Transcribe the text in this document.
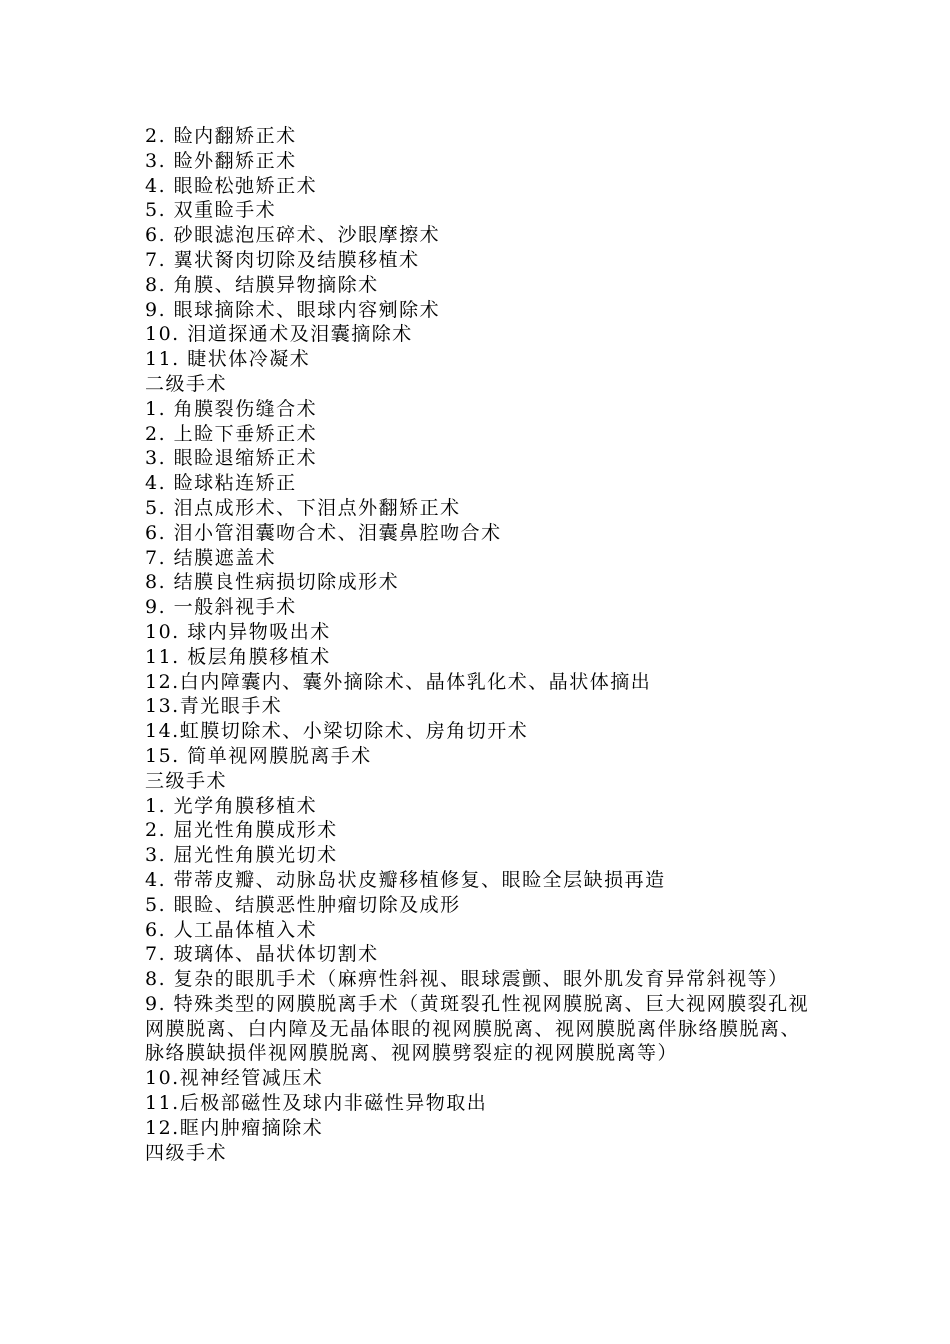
2. 睑内翻矫正术
3. 睑外翻矫正术
4. 眼睑松弛矫正术
5. 双重睑手术
6. 砂眼滤泡压碎术、沙眼摩擦术
7. 翼状胬肉切除及结膜移植术
8. 角膜、结膜异物摘除术
9. 眼球摘除术、眼球内容剜除术
10. 泪道探通术及泪囊摘除术
11. 睫状体冷凝术
二级手术
1. 角膜裂伤缝合术
2. 上睑下垂矫正术
3. 眼睑退缩矫正术
4. 睑球粘连矫正
5. 泪点成形术、下泪点外翻矫正术
6. 泪小管泪囊吻合术、泪囊鼻腔吻合术
7. 结膜遮盖术
8. 结膜良性病损切除成形术
9. 一般斜视手术
10. 球内异物吸出术
11. 板层角膜移植术
12.白内障囊内、囊外摘除术、晶体乳化术、晶状体摘出
13.青光眼手术
14.虹膜切除术、小梁切除术、房角切开术
15. 简单视网膜脱离手术
三级手术
1. 光学角膜移植术
2. 屈光性角膜成形术
3. 屈光性角膜光切术
4. 带蒂皮瓣、动脉岛状皮瓣移植修复、眼睑全层缺损再造
5. 眼睑、结膜恶性肿瘤切除及成形
6. 人工晶体植入术
7. 玻璃体、晶状体切割术
8. 复杂的眼肌手术（麻痹性斜视、眼球震颤、眼外肌发育异常斜视等）
9. 特殊类型的网膜脱离手术（黄斑裂孔性视网膜脱离、巨大视网膜裂孔视网膜脱离、白内障及无晶体眼的视网膜脱离、视网膜脱离伴脉络膜脱离、脉络膜缺损伴视网膜脱离、视网膜劈裂症的视网膜脱离等）
10.视神经管减压术
11.后极部磁性及球内非磁性异物取出
12.眶内肿瘤摘除术
四级手术
